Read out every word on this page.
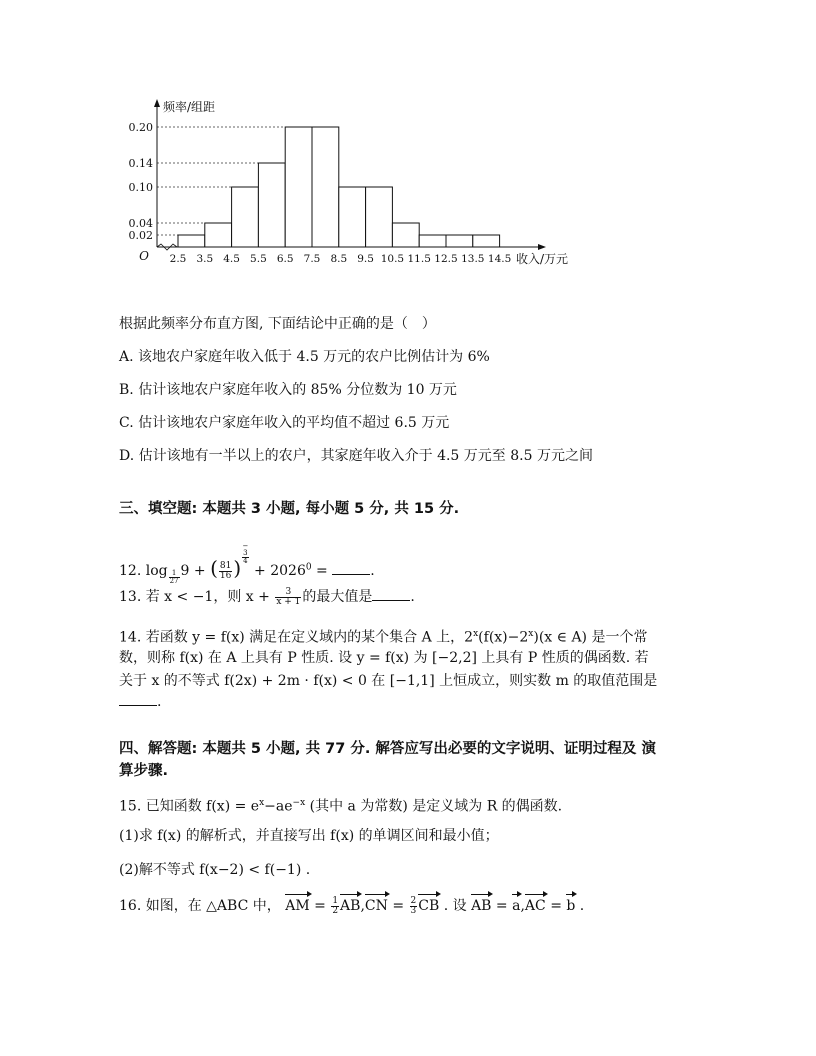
0.02
0.04
0.10
0.14
0.20
2.5 3.5 4.5 5.5 6.5 7.5 8.5 9.5 10.5 11.5 12.5 13.5 14.5
O
频率/组距
收入/万元
根据此频率分布直方图, 下面结论中正确的是（　）
A. 该地农户家庭年收入低于 4.5 万元的农户比例估计为 6%
B. 估计该地农户家庭年收入的 85% 分位数为 10 万元
C. 估计该地农户家庭年收入的平均值不超过 6.5 万元
D. 估计该地有一半以上的农户，其家庭年收入介于 4.5 万元至 8.5 万元之间
三、填空题: 本题共 3 小题, 每小题 5 分, 共 15 分.
12. $\log \frac{1}{27} 9$ + ( $\frac{81}{16}$ )−
3
4
+ $2026^0$ =	.
13. 若 x < −1，则 $x + \frac{3}{x + 1}$ 的最大值是	.
14. 若函数 y = f(x) 满足在定义域内的某个集合 A 上，$2^x(f(x)-2^x)(x$ ∈ A) 是一个常
数，则称 f(x) 在 A 上具有 P 性质. 设 y = f(x) 为 [−2,2] 上具有 P 性质的偶函数. 若
关于 x 的不等式 f(2x) + 2m · f(x) < 0 在 [−1,1] 上恒成立，则实数 m 的取值范围是
.
四、解答题: 本题共 5 小题, 共 77 分. 解答应写出必要的文字说明、证明过程及 演
算步骤.
15. 已知函数 $f(x) = e^x-ae^{-x}$ (其中 a 为常数) 是定义域为 R 的偶函数.
(1)求 f(x) 的解析式，并直接写出 f(x) 的单调区间和最小值；
(2)解不等式 f(x−2) < f(−1) .
16. 如图，在 △ABC 中， AM = $\frac{1}{2} AB,CN = \frac{2}{3}$ CB . 设 AB = a,AC = b .
